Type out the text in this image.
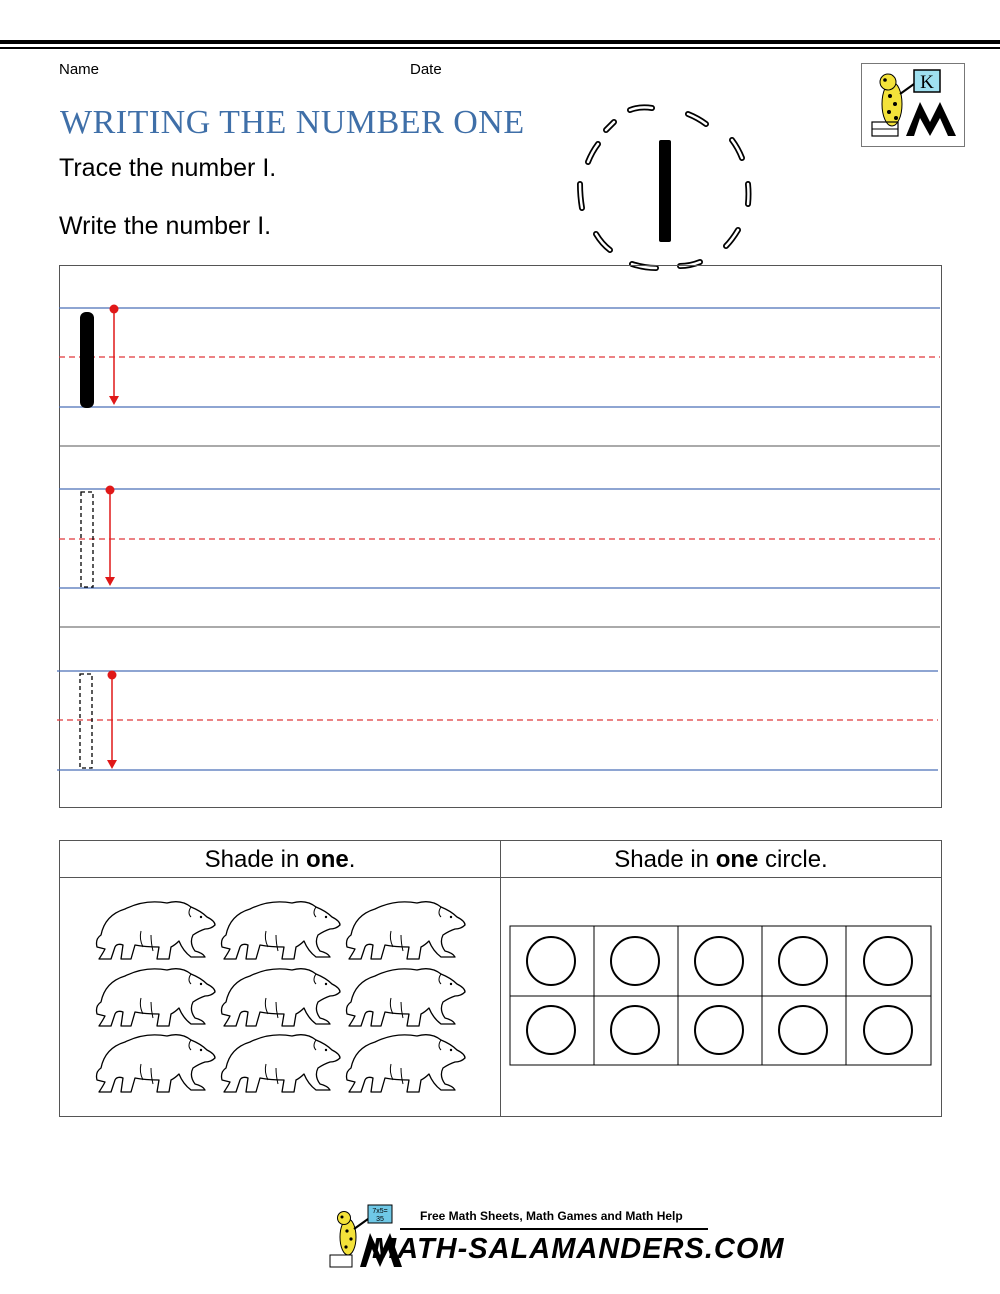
Name	Date
K
WRITING THE NUMBER ONE
Trace the number I.
Write the number I.
Shade in one.	Shade in one circle.
7x5=
35	Free Math Sheets, Math Games and Math Help
MATH-SALAMANDERS.COM
